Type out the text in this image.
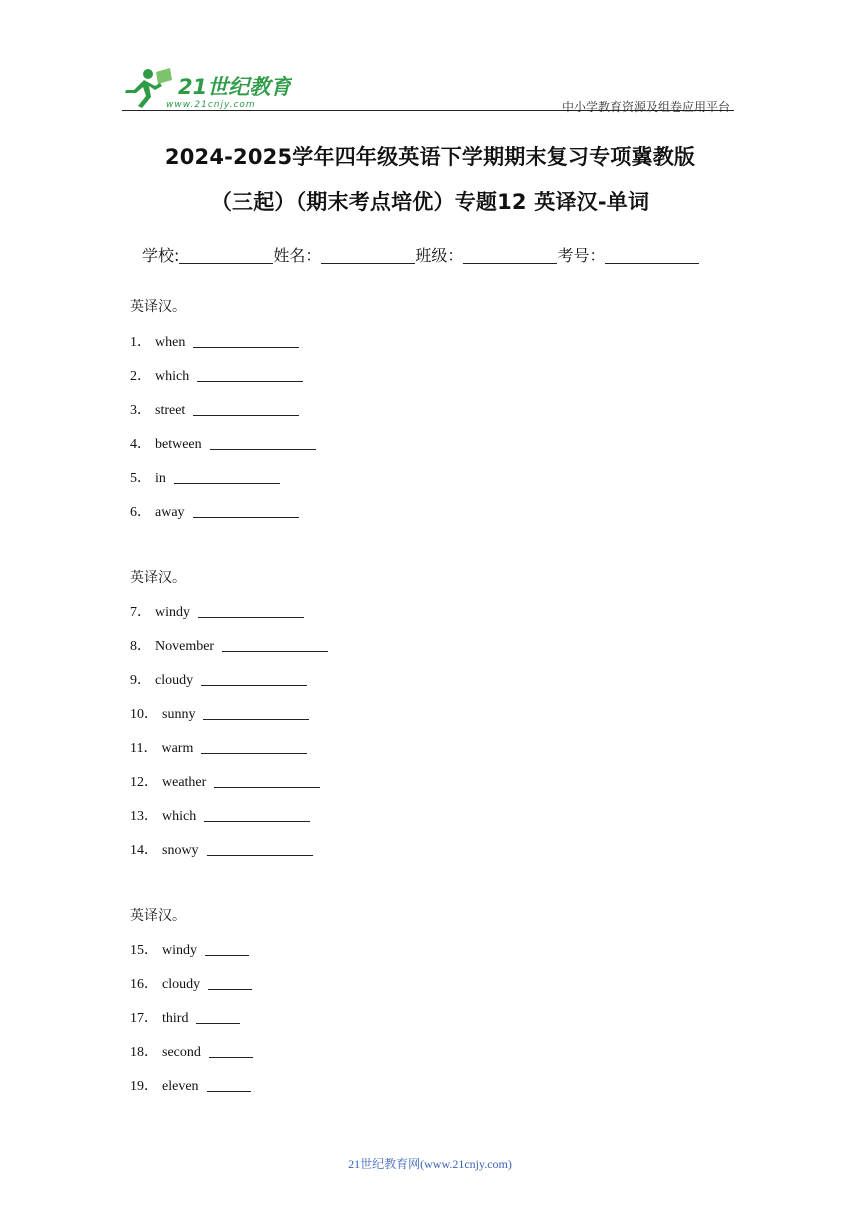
21世纪教育
www.21cnjy.com	中小学教育资源及组卷应用平台
2024-2025学年四年级英语下学期期末复习专项冀教版
（三起）（期末考点培优）专题12 英译汉-单词
学校:	姓名：	班级：	考号：
英译汉。
1． when
2． which
3． street
4． between
5． in
6． away
英译汉。
7． windy
8． November
9． cloudy
10． sunny
11． warm
12． weather
13． which
14． snowy
英译汉。
15． windy
16． cloudy
17． third
18． second
19． eleven
21世纪教育网(www.21cnjy.com)
